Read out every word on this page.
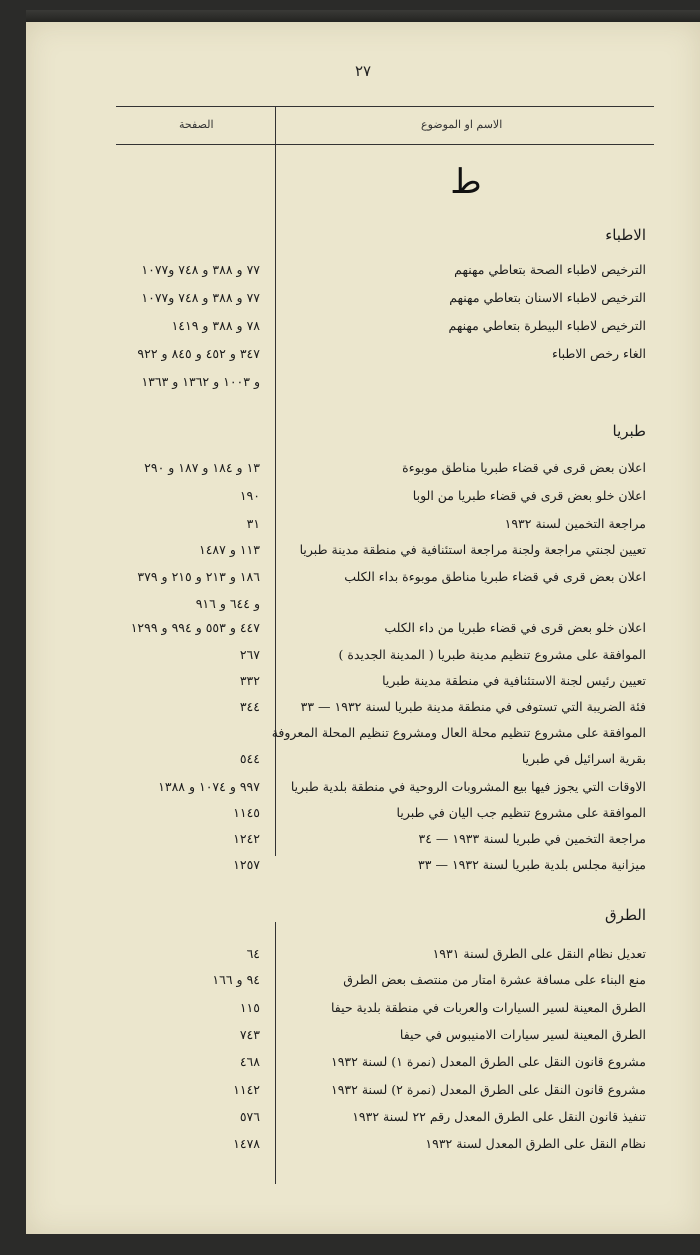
٢٧
الاسم او الموضوع
الصفحة
ط
الاطباء
الترخيص لاطباء الصحة بتعاطي مهنهم
٧٧ و ٣٨٨ و ٧٤٨ و١٠٧٧
الترخيص لاطباء الاسنان بتعاطي مهنهم
٧٧ و ٣٨٨ و ٧٤٨ و١٠٧٧
الترخيص لاطباء البيطرة بتعاطي مهنهم
٧٨ و ٣٨٨ و ١٤١٩
الغاء رخص الاطباء
٣٤٧ و ٤٥٢ و ٨٤٥ و ٩٢٢
و ١٠٠٣ و ١٣٦٢ و ١٣٦٣
طبريا
اعلان بعض قرى في قضاء طبريا مناطق موبوءة
١٣ و ١٨٤ و ١٨٧ و ٢٩٠
اعلان خلو بعض قرى في قضاء طبريا من الوبا
١٩٠
مراجعة التخمين لسنة ١٩٣٢
٣١
تعيين لجنتي مراجعة ولجنة مراجعة استئنافية في منطقة مدينة طبريا
١١٣ و ١٤٨٧
اعلان بعض قرى في قضاء طبريا مناطق موبوءة بداء الكلب
١٨٦ و ٢١٣ و ٢١٥ و ٣٧٩
و ٦٤٤ و ٩١٦
اعلان خلو بعض قرى في قضاء طبريا من داء الكلب
٤٤٧ و ٥٥٣ و ٩٩٤ و ١٢٩٩
الموافقة على مشروع تنظيم مدينة طبريا ( المدينة الجديدة )
٢٦٧
تعيين رئيس لجنة الاستئنافية في منطقة مدينة طبريا
٣٣٢
فئة الضريبة التي تستوفى في منطقة مدينة طبريا لسنة ١٩٣٢ — ٣٣
٣٤٤
الموافقة على مشروع تنظيم محلة العال ومشروع تنظيم المحلة المعروفة
بقرية اسرائيل في طبريا
٥٤٤
الاوقات التي يجوز فيها بيع المشروبات الروحية في منطقة بلدية طبريا
٩٩٧ و ١٠٧٤ و ١٣٨٨
الموافقة على مشروع تنظيم جب اليان في طبريا
١١٤٥
مراجعة التخمين في طبريا لسنة ١٩٣٣ — ٣٤
١٢٤٢
ميزانية مجلس بلدية طبريا لسنة ١٩٣٢ — ٣٣
١٢٥٧
الطرق
تعديل نظام النقل على الطرق لسنة ١٩٣١
٦٤
منع البناء على مسافة عشرة امتار من منتصف بعض الطرق
٩٤ و ١٦٦
الطرق المعينة لسير السيارات والعربات في منطقة بلدية حيفا
١١٥
الطرق المعينة لسير سيارات الامنيبوس في حيفا
٧٤٣
مشروع قانون النقل على الطرق المعدل (نمرة ١) لسنة ١٩٣٢
٤٦٨
مشروع قانون النقل على الطرق المعدل (نمرة ٢) لسنة ١٩٣٢
١١٤٢
تنفيذ قانون النقل على الطرق المعدل رقم ٢٢ لسنة ١٩٣٢
٥٧٦
نظام النقل على الطرق المعدل لسنة ١٩٣٢
١٤٧٨
